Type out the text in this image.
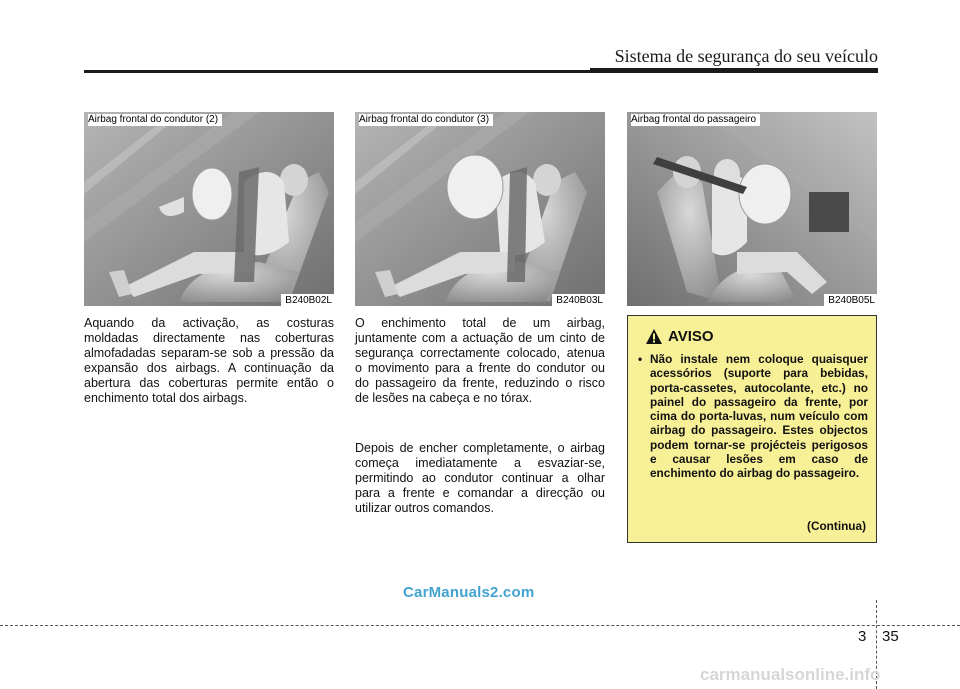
Sistema de segurança do seu veículo
Airbag frontal do condutor (2)
B240B02L
Airbag frontal do condutor (3)
B240B03L
Airbag frontal do passageiro
B240B05L
Aquando da activação, as costuras moldadas directamente nas coberturas almofadadas separam-se sob a pressão da expansão dos airbags. A continuação da abertura das coberturas permite então o enchimento total dos airbags.
O enchimento total de um airbag, juntamente com a actuação de um cinto de segurança correctamente colocado, atenua o movimento para a frente do condutor ou do passageiro da frente, reduzindo o risco de lesões na cabeça e no tórax.
Depois de encher completamente, o airbag começa imediatamente a esvaziar-se, permitindo ao condutor continuar a olhar para a frente e comandar a direcção ou utilizar outros comandos.
AVISO
• Não instale nem coloque quaisquer acessórios (suporte para bebidas, porta-cassetes, autocolante, etc.) no painel do passageiro da frente, por cima do porta-luvas, num veículo com airbag do passageiro. Estes objectos podem tornar-se projécteis perigosos e causar lesões em caso de enchimento do airbag do passageiro.
(Continua)
CarManuals2.com
3 35
carmanualsonline.info
